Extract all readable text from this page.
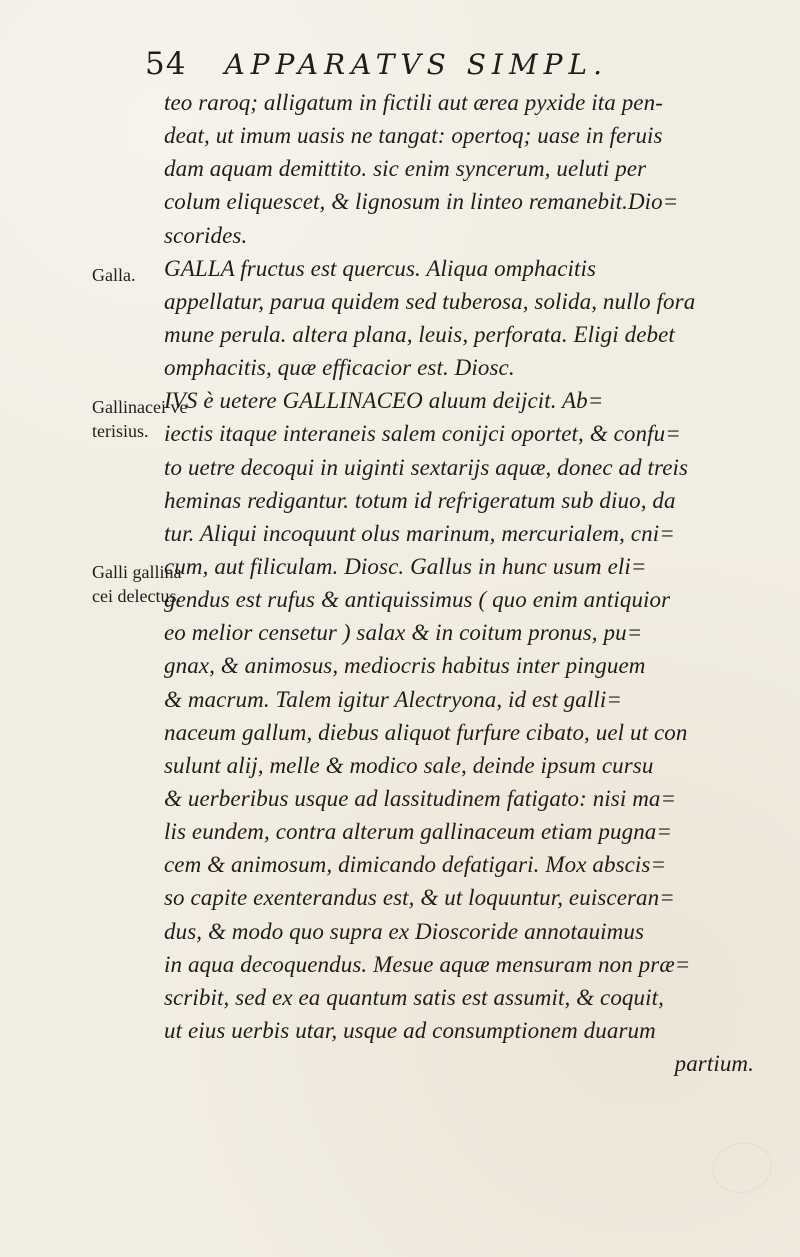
54 APPARATVS SIMPL.
Galla.
Gallinacei ve
terisius.
Galli gallina
cei delectus.
teo raroq; alligatum in fictili aut ærea pyxide ita pen-
deat, ut imum uasis ne tangat: opertoq; uase in feruis
dam aquam demittito. sic enim syncerum, ueluti per
colum eliquescet, & lignosum in linteo remanebit.Dio=
scorides.
GALLA fructus est quercus. Aliqua omphacitis
appellatur, parua quidem sed tuberosa, solida, nullo fora
mune perula. altera plana, leuis, perforata. Eligi debet
omphacitis, quæ efficacior est. Diosc.
IVS è uetere GALLINACEO aluum deijcit. Ab=
iectis itaque interaneis salem conijci oportet, & confu=
to uetre decoqui in uiginti sextarijs aquæ, donec ad treis
heminas redigantur. totum id refrigeratum sub diuo, da
tur. Aliqui incoquunt olus marinum, mercurialem, cni=
cum, aut filiculam. Diosc. Gallus in hunc usum eli=
gendus est rufus & antiquissimus ( quo enim antiquior
eo melior censetur ) salax & in coitum pronus, pu=
gnax, & animosus, mediocris habitus inter pinguem
& macrum. Talem igitur Alectryona, id est galli=
naceum gallum, diebus aliquot furfure cibato, uel ut con
sulunt alij, melle & modico sale, deinde ipsum cursu
& uerberibus usque ad lassitudinem fatigato: nisi ma=
lis eundem, contra alterum gallinaceum etiam pugna=
cem & animosum, dimicando defatigari. Mox abscis=
so capite exenterandus est, & ut loquuntur, euisceran=
dus, & modo quo supra ex Dioscoride annotauimus
in aqua decoquendus. Mesue aquæ mensuram non præ=
scribit, sed ex ea quantum satis est assumit, & coquit,
ut eius uerbis utar, usque ad consumptionem duarum
partium.
